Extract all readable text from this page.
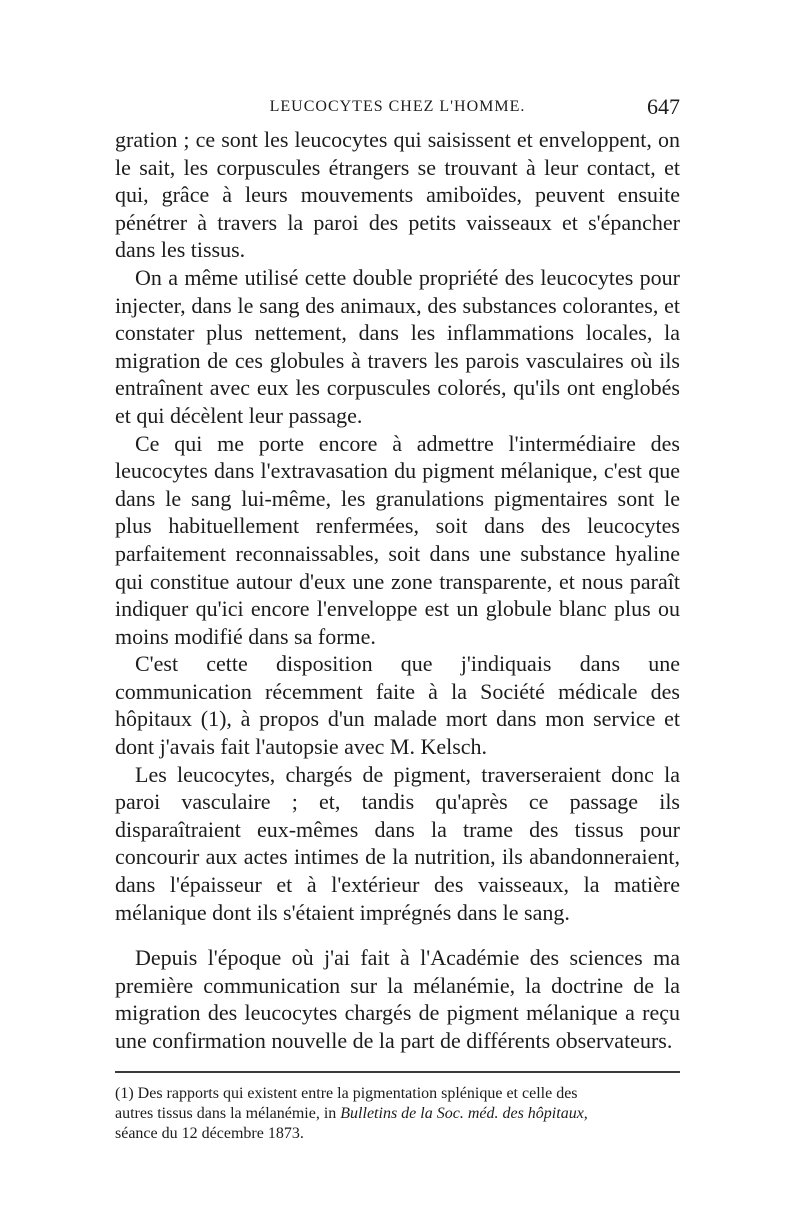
LEUCOCYTES CHEZ L'HOMME.	647

gration ; ce sont les leucocytes qui saisissent et enveloppent, on le sait, les corpuscules étrangers se trouvant à leur contact, et qui, grâce à leurs mouvements amiboïdes, peuvent ensuite pénétrer à travers la paroi des petits vaisseaux et s'épancher dans les tissus.

On a même utilisé cette double propriété des leucocytes pour injecter, dans le sang des animaux, des substances colorantes, et constater plus nettement, dans les inflammations locales, la migration de ces globules à travers les parois vasculaires où ils entraînent avec eux les corpuscules colorés, qu'ils ont englobés et qui décèlent leur passage.

Ce qui me porte encore à admettre l'intermédiaire des leucocytes dans l'extravasation du pigment mélanique, c'est que dans le sang lui-même, les granulations pigmentaires sont le plus habituellement renfermées, soit dans des leucocytes parfaitement reconnaissables, soit dans une substance hyaline qui constitue autour d'eux une zone transparente, et nous paraît indiquer qu'ici encore l'enveloppe est un globule blanc plus ou moins modifié dans sa forme.

C'est cette disposition que j'indiquais dans une communication récemment faite à la Société médicale des hôpitaux (1), à propos d'un malade mort dans mon service et dont j'avais fait l'autopsie avec M. Kelsch.

Les leucocytes, chargés de pigment, traverseraient donc la paroi vasculaire ; et, tandis qu'après ce passage ils disparaîtraient eux-mêmes dans la trame des tissus pour concourir aux actes intimes de la nutrition, ils abandonneraient, dans l'épaisseur et à l'extérieur des vaisseaux, la matière mélanique dont ils s'étaient imprégnés dans le sang.

Depuis l'époque où j'ai fait à l'Académie des sciences ma première communication sur la mélanémie, la doctrine de la migration des leucocytes chargés de pigment mélanique a reçu une confirmation nouvelle de la part de différents observateurs.

(1) Des rapports qui existent entre la pigmentation splénique et celle des
autres tissus dans la mélanémie, in Bulletins de la Soc. méd. des hôpitaux,
séance du 12 décembre 1873.
